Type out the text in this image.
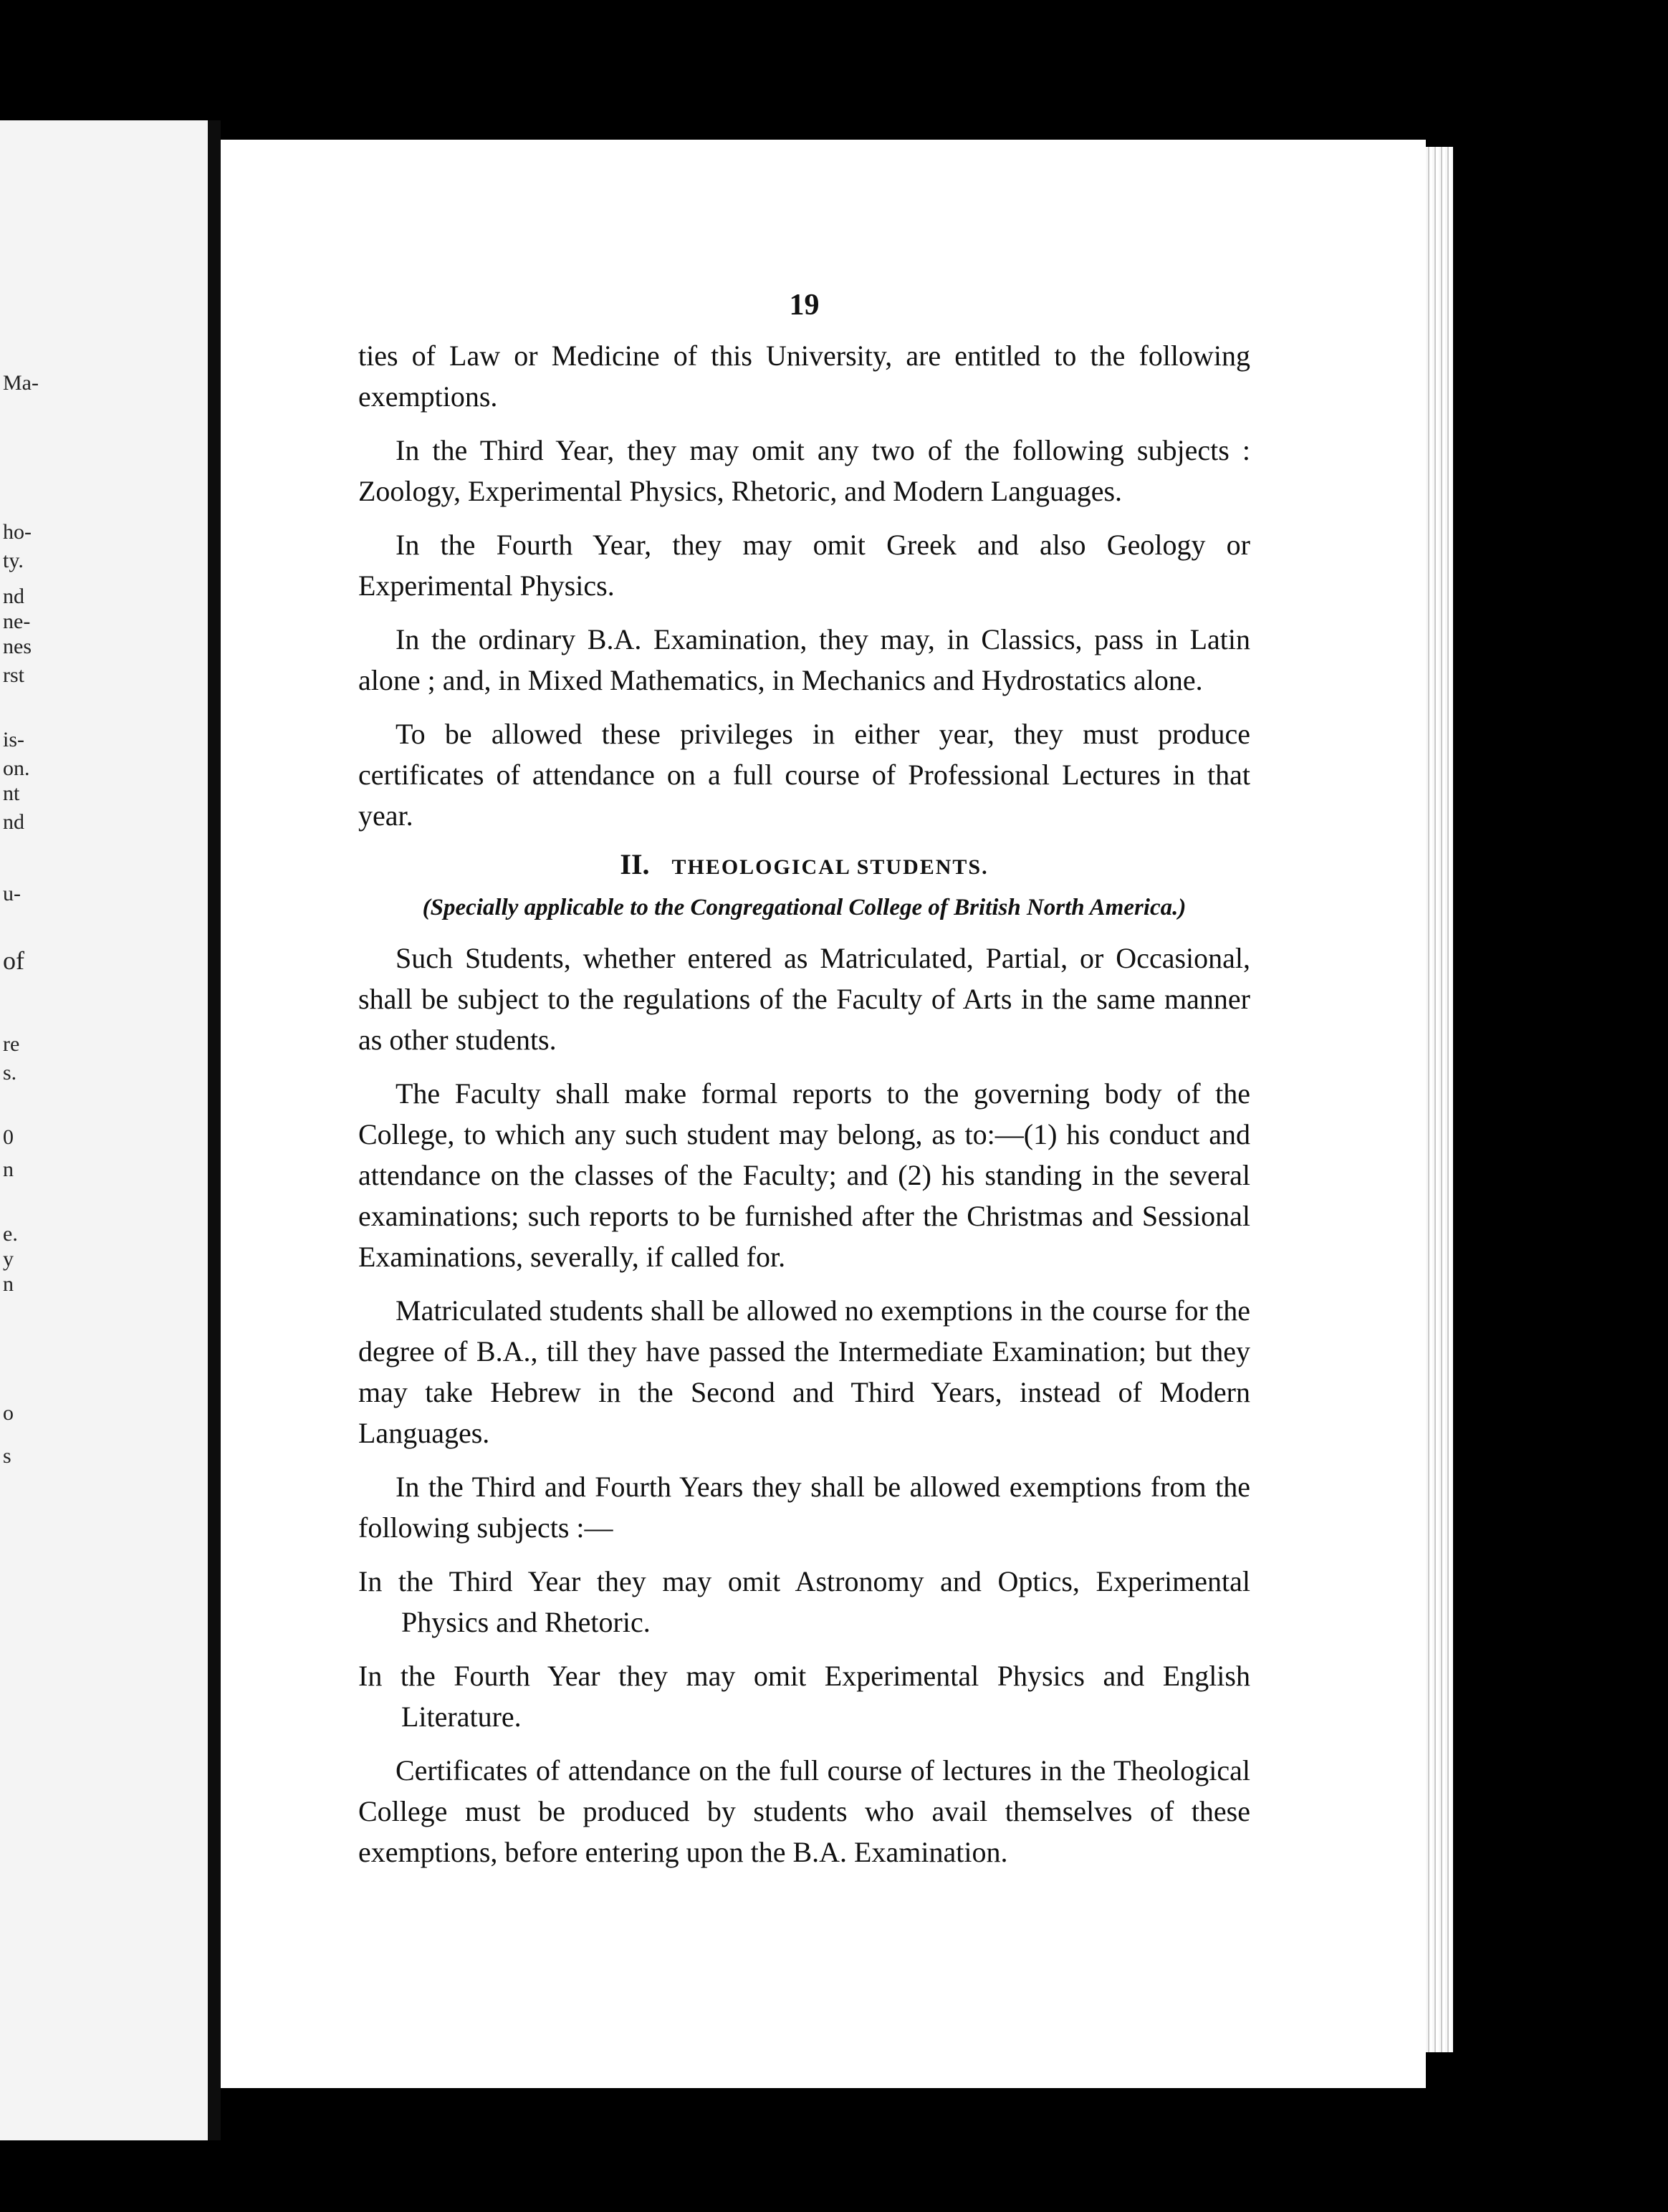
Ma-
ho-
ty.
nd
ne-
nes
rst
is-
on.
nt
nd
u-
of
re
s.
0
n
e.
y
n
o
s
19

ties of Law or Medicine of this University, are entitled to the following exemptions.

In the Third Year, they may omit any two of the following subjects : Zoology, Experimental Physics, Rhetoric, and Modern Languages.

In the Fourth Year, they may omit Greek and also Geology or Experimental Physics.

In the ordinary B.A. Examination, they may, in Classics, pass in Latin alone ; and, in Mixed Mathematics, in Mechanics and Hydrostatics alone.

To be allowed these privileges in either year, they must produce certificates of attendance on a full course of Professional Lectures in that year.

II. THEOLOGICAL STUDENTS.
(Specially applicable to the Congregational College of British North America.)

Such Students, whether entered as Matriculated, Partial, or Occasional, shall be subject to the regulations of the Faculty of Arts in the same manner as other students.

The Faculty shall make formal reports to the governing body of the College, to which any such student may belong, as to:—(1) his conduct and attendance on the classes of the Faculty; and (2) his standing in the several examinations; such reports to be furnished after the Christmas and Sessional Examinations, severally, if called for.

Matriculated students shall be allowed no exemptions in the course for the degree of B.A., till they have passed the Intermediate Examination; but they may take Hebrew in the Second and Third Years, instead of Modern Languages.

In the Third and Fourth Years they shall be allowed exemptions from the following subjects :—

In the Third Year they may omit Astronomy and Optics, Experimental Physics and Rhetoric.

In the Fourth Year they may omit Experimental Physics and English Literature.

Certificates of attendance on the full course of lectures in the Theological College must be produced by students who avail themselves of these exemptions, before entering upon the B.A. Examination.
